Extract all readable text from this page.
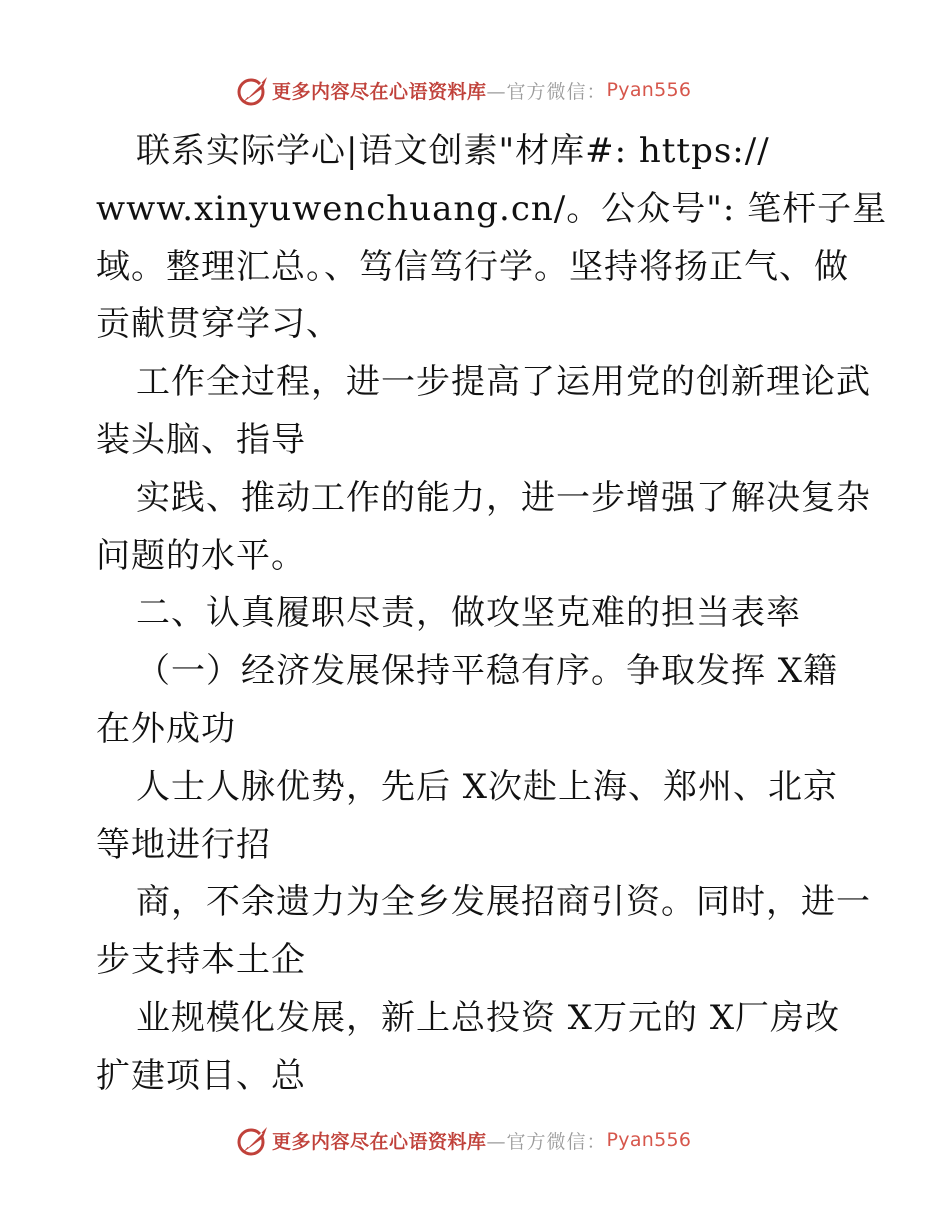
更多内容尽在心语资料库 —官方微信： Pyan556
联系实际学心|语文创素"材库#: https://
www.xinyuwenchuang.cn/。公众号": 笔杆子星
域。整理汇总。、笃信笃行学。坚持将扬正气、做
贡献贯穿学习、
工作全过程，进一步提高了运用党的创新理论武
装头脑、指导
实践、推动工作的能力，进一步增强了解决复杂
问题的水平。
二、认真履职尽责，做攻坚克难的担当表率
（一）经济发展保持平稳有序。争取发挥 X籍
在外成功
人士人脉优势，先后 X次赴上海、郑州、北京
等地进行招
商，不余遗力为全乡发展招商引资。同时，进一
步支持本土企
业规模化发展，新上总投资 X万元的 X厂房改
扩建项目、总
更多内容尽在心语资料库 —官方微信： Pyan556
